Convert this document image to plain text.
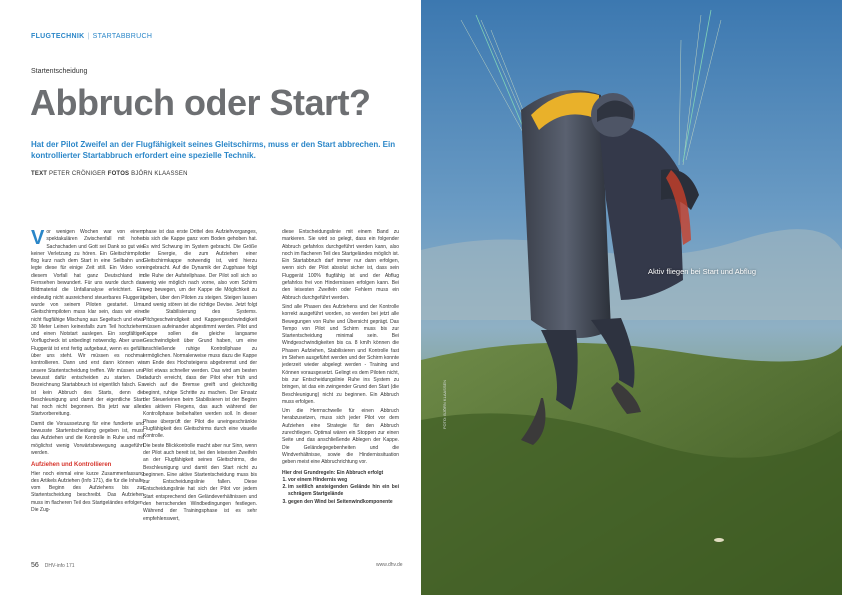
FLUGTECHNIK | STARTABBRUCH
Startentscheidung
Abbruch oder Start?
Hat der Pilot Zweifel an der Flugfähigkeit seines Gleitschirms, muss er den Start abbrechen. Ein kontrollierter Startabbruch erfordert eine spezielle Technik.
TEXT PETER CRÖNIGER FOTOS BJÖRN KLAASSEN

Vor wenigen Wochen war von einem spektakulären Zwischenfall mit hoher Sachschaden und Gott sei Dank so gut wie keiner Verletzung zu hören. Ein Gleitschirmpilot flog kurz nach dem Start in eine Seilbahn und legte diese für einige Zeit still. Ein Video von diesem Vorfall hat ganz Deutschland im Fernsehen bewundert. Für uns wurde durch das Bildmaterial die Unfallanalyse erleichtert. Ein eindeutig nicht ausreichend steuerbares Fluggerät wurde von seinem Piloten gestartet. Ums Gleitschirmpiloten muss klar sein, dass wir eine nicht flugfähige Mischung aus Segeltuch und etwa 30 Meter Leinen keinesfalls zum Teil hochziehen und einen Notstart auslegen. Ein sorgfältiger Vorflugcheck ist unbedingt notwendig. Aber unser Fluggerät ist erst fertig aufgebaut, wenn es gefüllt über uns steht. Wir müssen es nochmal kontrollieren. Dann und erst dann können wir unsere Startentscheidung treffen. Wir müssen uns bewusst dafür entscheiden zu starten. Die Bezeichnung Startabbruch ist eigentlich falsch. Es ist kein Abbruch des Starts, denn die Beschleunigung und damit der eigentliche Start hat noch nicht begonnen. Bis jetzt war alles Startvorbereitung.

Damit die Voraussetzung für eine fundierte und bewusste Startentscheidung gegeben ist, muss das Aufziehen und die Kontrolle in Ruhe und mit möglichst wenig Vorwärtsbewegung ausgeführt werden.

Aufziehen und Kontrollieren

Hier noch einmal eine kurze Zusammenfassung des Artikels Aufziehen (Info 171), die für die Inhalte vom Beginn des Aufziehens bis zur Startentscheidung beschreibt. Das Aufziehen muss im flacheren Teil des Startgeländes erfolgen. Die Zug-

phase ist das erste Drittel des Aufziehvorganges, bis sich die Kappe ganz vom Boden gehoben hat. Es wird Schwung im System gebracht. Die Größe der Energie, die zum Aufziehen einer Gleitschirmkappe notwendig ist, wird hierzu eingebracht. Auf die Dynamik der Zugphase folgt die Ruhe der Aufstellphase. Der Pilot soll sich so wenig wie möglich nach vorne, also vom Schirm weg bewegen, um der Kappe die Möglichkeit zu geben, über den Piloten zu steigen. Steigen lassen und wenig stören ist die richtige Devise. Jetzt folgt die Stabilisierung des Systems. Pitchgeschwindigkeit und Kappengeschwindigkeit müssen aufeinander abgestimmt werden. Pilot und Kappe sollen die gleiche langsame Geschwindigkeit über Grund haben, um eine anschließende ruhige Kontrollphase zu ermöglichen. Normalerweise muss dazu die Kappe am Ende des Hochsteigens abgebremst und der Pilot etwas schneller werden. Das wird am besten dadurch erreicht, dass der Pilot eher früh und weich auf die Bremse greift und gleichzeitig beginnt, ruhige Schritte zu machen. Der Einsatz der Steuerleinen beim Stabilisieren ist der Beginn des aktiven Fliegens, das auch während der Kontrollphase beibehalten werden soll. In dieser Phase überprüft der Pilot die uneingeschränkte Flugfähigkeit des Gleitschirms durch eine visuelle Kontrolle.

Die beste Blickkontrolle macht aber nur Sinn, wenn der Pilot auch bereit ist, bei den leisesten Zweifeln an der Flugfähigkeit seines Gleitschirms, die Beschleunigung und damit den Start nicht zu beginnen. Eine aktive Startentscheidung muss bis zur Entscheidungslinie fallen. Diese Entscheidungslinie hat sich der Pilot vor jedem Start entsprechend den Geländeverhältnissen und den herrschenden Windbedingungen festlegen. Während der Trainingsphase ist es sehr empfehlenswert,

diese Entscheidungslinie mit einem Band zu markieren. Sie wird so gelegt, dass ein folgender Abbruch gefahrlos durchgeführt werden kann, also noch im flacheren Teil des Startgeländes möglich ist. Ein Startabbruch darf immer nur dann erfolgen, wenn sich der Pilot absolut sicher ist, dass sein Fluggerät 100% flugfähig ist und der Abflug gefahrlos frei von Hindernissen erfolgen kann. Bei den leisesten Zweifeln oder Fehlern muss ein Abbruch durchgeführt werden.

Sind alle Phasen des Aufziehens und der Kontrolle korrekt ausgeführt worden, so werden bei jetzt alle Bewegungen von Ruhe und Übersicht geprägt. Das Tempo von Pilot und Schirm muss bis zur Startentscheidung minimal sein. Bei Windgeschwindigkeiten bis ca. 8 km/h können die Phasen Aufziehen, Stabilisieren und Kontrolle fast im Stehen ausgeführt werden und der Schirm konnte jederzeit wieder abgelegt werden - Training und Können vorausgesetzt. Gelingt es dem Piloten nicht, bis zur Entscheidungslinie Ruhe ins System zu bringen, ist das ein zwingender Grund den Start (die Beschleunigung) nicht zu beginnen. Ein Abbruch muss erfolgen.

Um die Herrnschwelle für einen Abbruch herabzusetzen, muss sich jeder Pilot vor dem Aufziehen eine Strategie für den Abbruch zurechtlegen. Optimal wären ein Stoppen zur einen Seite und das anschließende Ablegen der Kappe. Die Geländegegebenheiten und die Windverhältnisse, sowie die Hindernissituation geben meist eine Abbruchrichtung vor.

Hier drei Grundregeln: Ein Abbruch erfolgt
1. vor einem Hindernis weg
2. im seitlich ansteigenden Gelände hin ein bei schrägem Startgelände
3. gegen den Wind bei Seitenwindkomponente
56 DHV-info 171	www.dhv.de
Aktiv fliegen bei Start und Abflug
FOTO: BJÖRN KLAASSEN
